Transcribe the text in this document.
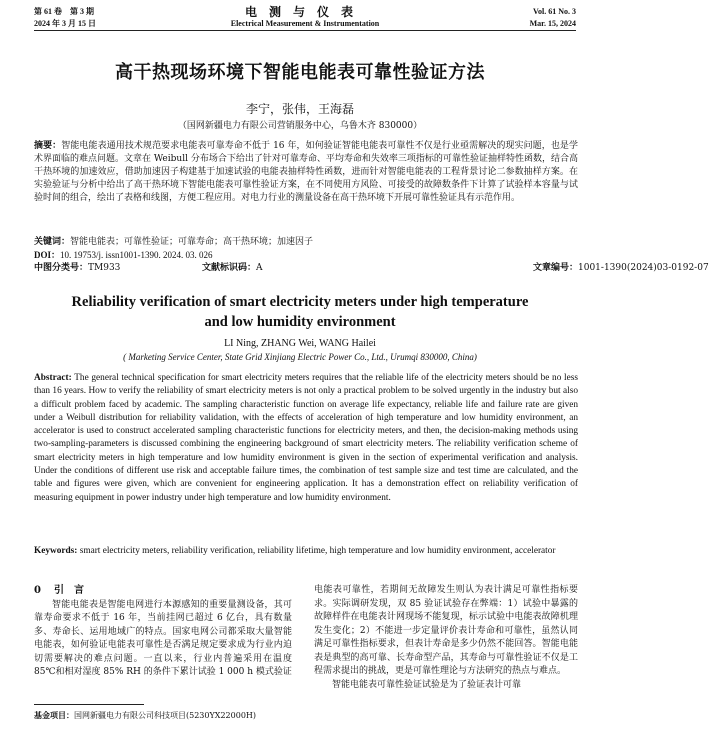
第 61 卷　第 3 期
2024 年 3 月 15 日
电测与仪表
Electrical Measurement & Instrumentation
Vol. 61 No. 3
Mar. 15, 2024
高干热现场环境下智能电能表可靠性验证方法
李宁，张伟，王海磊
（国网新疆电力有限公司营销服务中心，乌鲁木齐 830000）
摘要：智能电能表通用技术规范要求电能表可靠寿命不低于 16 年，如何验证智能电能表可靠性不仅是行业亟需解决的现实问题，也是学术界面临的难点问题。文章在 Weibull 分布场合下给出了针对可靠寿命、平均寿命和失效率三项指标的可靠性验证抽样特性函数，结合高干热环境的加速效应，借助加速因子构建基于加速试验的电能表抽样特性函数，进而针对智能电能表的工程背景讨论二参数抽样方案。在实验验证与分析中给出了高干热环境下智能电能表可靠性验证方案，在不同使用方风险、可接受的故障数条件下计算了试验样本容量与试验时间的组合，绘出了表格和线图，方便工程应用。对电力行业的测量设备在高干热环境下开展可靠性验证具有示范作用。
关键词：智能电能表；可靠性验证；可靠寿命；高干热环境；加速因子
DOI：10. 19753/j. issn1001-1390. 2024. 03. 026
中图分类号： TM933	文献标识码： A	文章编号： 1001-1390(2024)03-0192-07
Reliability verification of smart electricity meters under high temperature
and low humidity environment
LI Ning, ZHANG Wei, WANG Hailei
( Marketing Service Center, State Grid Xinjiang Electric Power Co., Ltd., Urumqi 830000, China)
Abstract: The general technical specification for smart electricity meters requires that the reliable life of the electricity meters should be no less than 16 years. How to verify the reliability of smart electricity meters is not only a practical problem to be solved urgently in the industry but also a difficult problem faced by academic. The sampling characteristic function on average life expectancy, reliable life and failure rate are given under a Weibull distribution for reliability validation, with the effects of acceleration of high temperature and low humidity environment, an accelerator is used to construct accelerated sampling characteristic functions for electricity meters, and then, the decision-making methods using two-sampling-parameters is discussed combining the engineering background of smart electricity meters. The reliability verification scheme of smart electricity meters in high temperature and low humidity environment is given in the section of experimental verification and analysis. Under the conditions of different use risk and acceptable failure times, the combination of test sample size and test time are calculated, and the table and figures were given, which are convenient for engineering application. It has a demonstration effect on reliability verification of measuring equipment in power industry under high temperature and low humidity environment.
Keywords: smart electricity meters, reliability verification, reliability lifetime, high temperature and low humidity environment, accelerator
0 引　言

智能电能表是智能电网进行本源感知的重要量测设备，其可靠寿命要求不低于 16 年，当前挂网已超过 6 亿台，具有数量多、寿命长、运用地域广的特点。国家电网公司都采取大量智能电能表，如何验证电能表可靠性是否满足规定要求成为行业内迫切需要解决的难点问题。一直以来，行业内普遍采用在温度 85℃和相对湿度 85% RH 的条件下累计试验 1 000 h 模式验证

电能表可靠性，若期间无故障发生则认为表计满足可靠性指标要求。实际调研发现，双 85 验证试验存在弊端：1）试验中暴露的故障样件在电能表计网现场不能复现，标示试验中电能表故障机理发生变化；2）不能进一步定量评价表计寿命和可靠性，虽然认同满足可靠性指标要求，但表计寿命是多少仍然不能回答。智能电能表是典型的高可靠、长寿命型产品，其寿命与可靠性验证不仅是工程需求提出的挑战，更是可靠性理论与方法研究的热点与难点。

智能电能表可靠性验证试验是为了验证表计可靠

基金项目：国网新疆电力有限公司科技项目(5230YX22000H)
